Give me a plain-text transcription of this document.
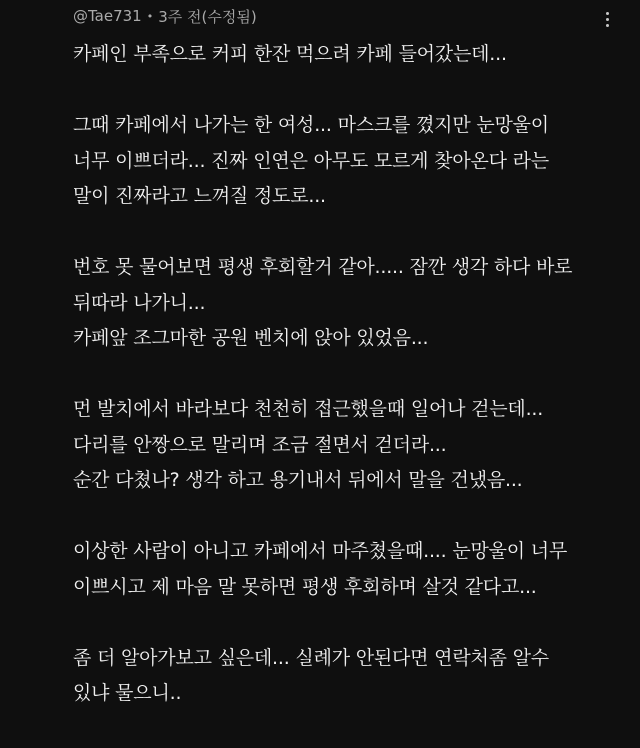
@Tae731 • 3주 전(수정됨)

카페인 부족으로 커피 한잔 먹으려 카페 들어갔는데...

그때 카페에서 나가는 한 여성... 마스크를 꼈지만 눈망울이
너무 이쁘더라... 진짜 인연은 아무도 모르게 찾아온다 라는
말이 진짜라고 느껴질 정도로...

번호 못 물어보면 평생 후회할거 같아..... 잠깐 생각 하다 바로
뒤따라 나가니...
카페앞 조그마한 공원 벤치에 앉아 있었음...

먼 발치에서 바라보다 천천히 접근했을때 일어나 걷는데...
다리를 안짱으로 말리며 조금 절면서 걷더라...
순간 다쳤나? 생각 하고 용기내서 뒤에서 말을 건냈음...

이상한 사람이 아니고 카페에서 마주쳤을때.... 눈망울이 너무
이쁘시고 제 마음 말 못하면 평생 후회하며 살것 같다고...

좀 더 알아가보고 싶은데... 실례가 안된다면 연락처좀 알수
있냐 물으니..
